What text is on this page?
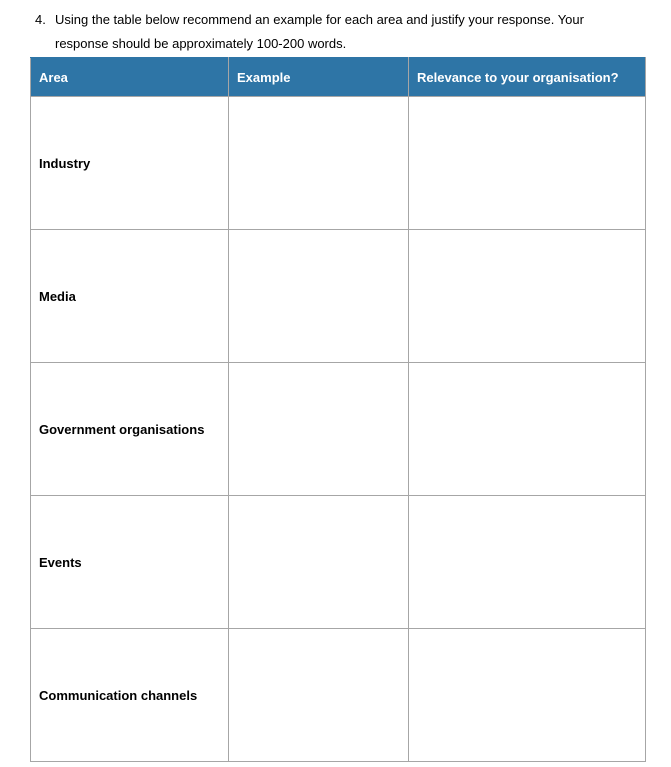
4. Using the table below recommend an example for each area and justify your response. Your
response should be approximately 100-200 words.
Area	Example	Relevance to your organisation?
Industry		
Media		
Government organisations		
Events		
Communication channels		
